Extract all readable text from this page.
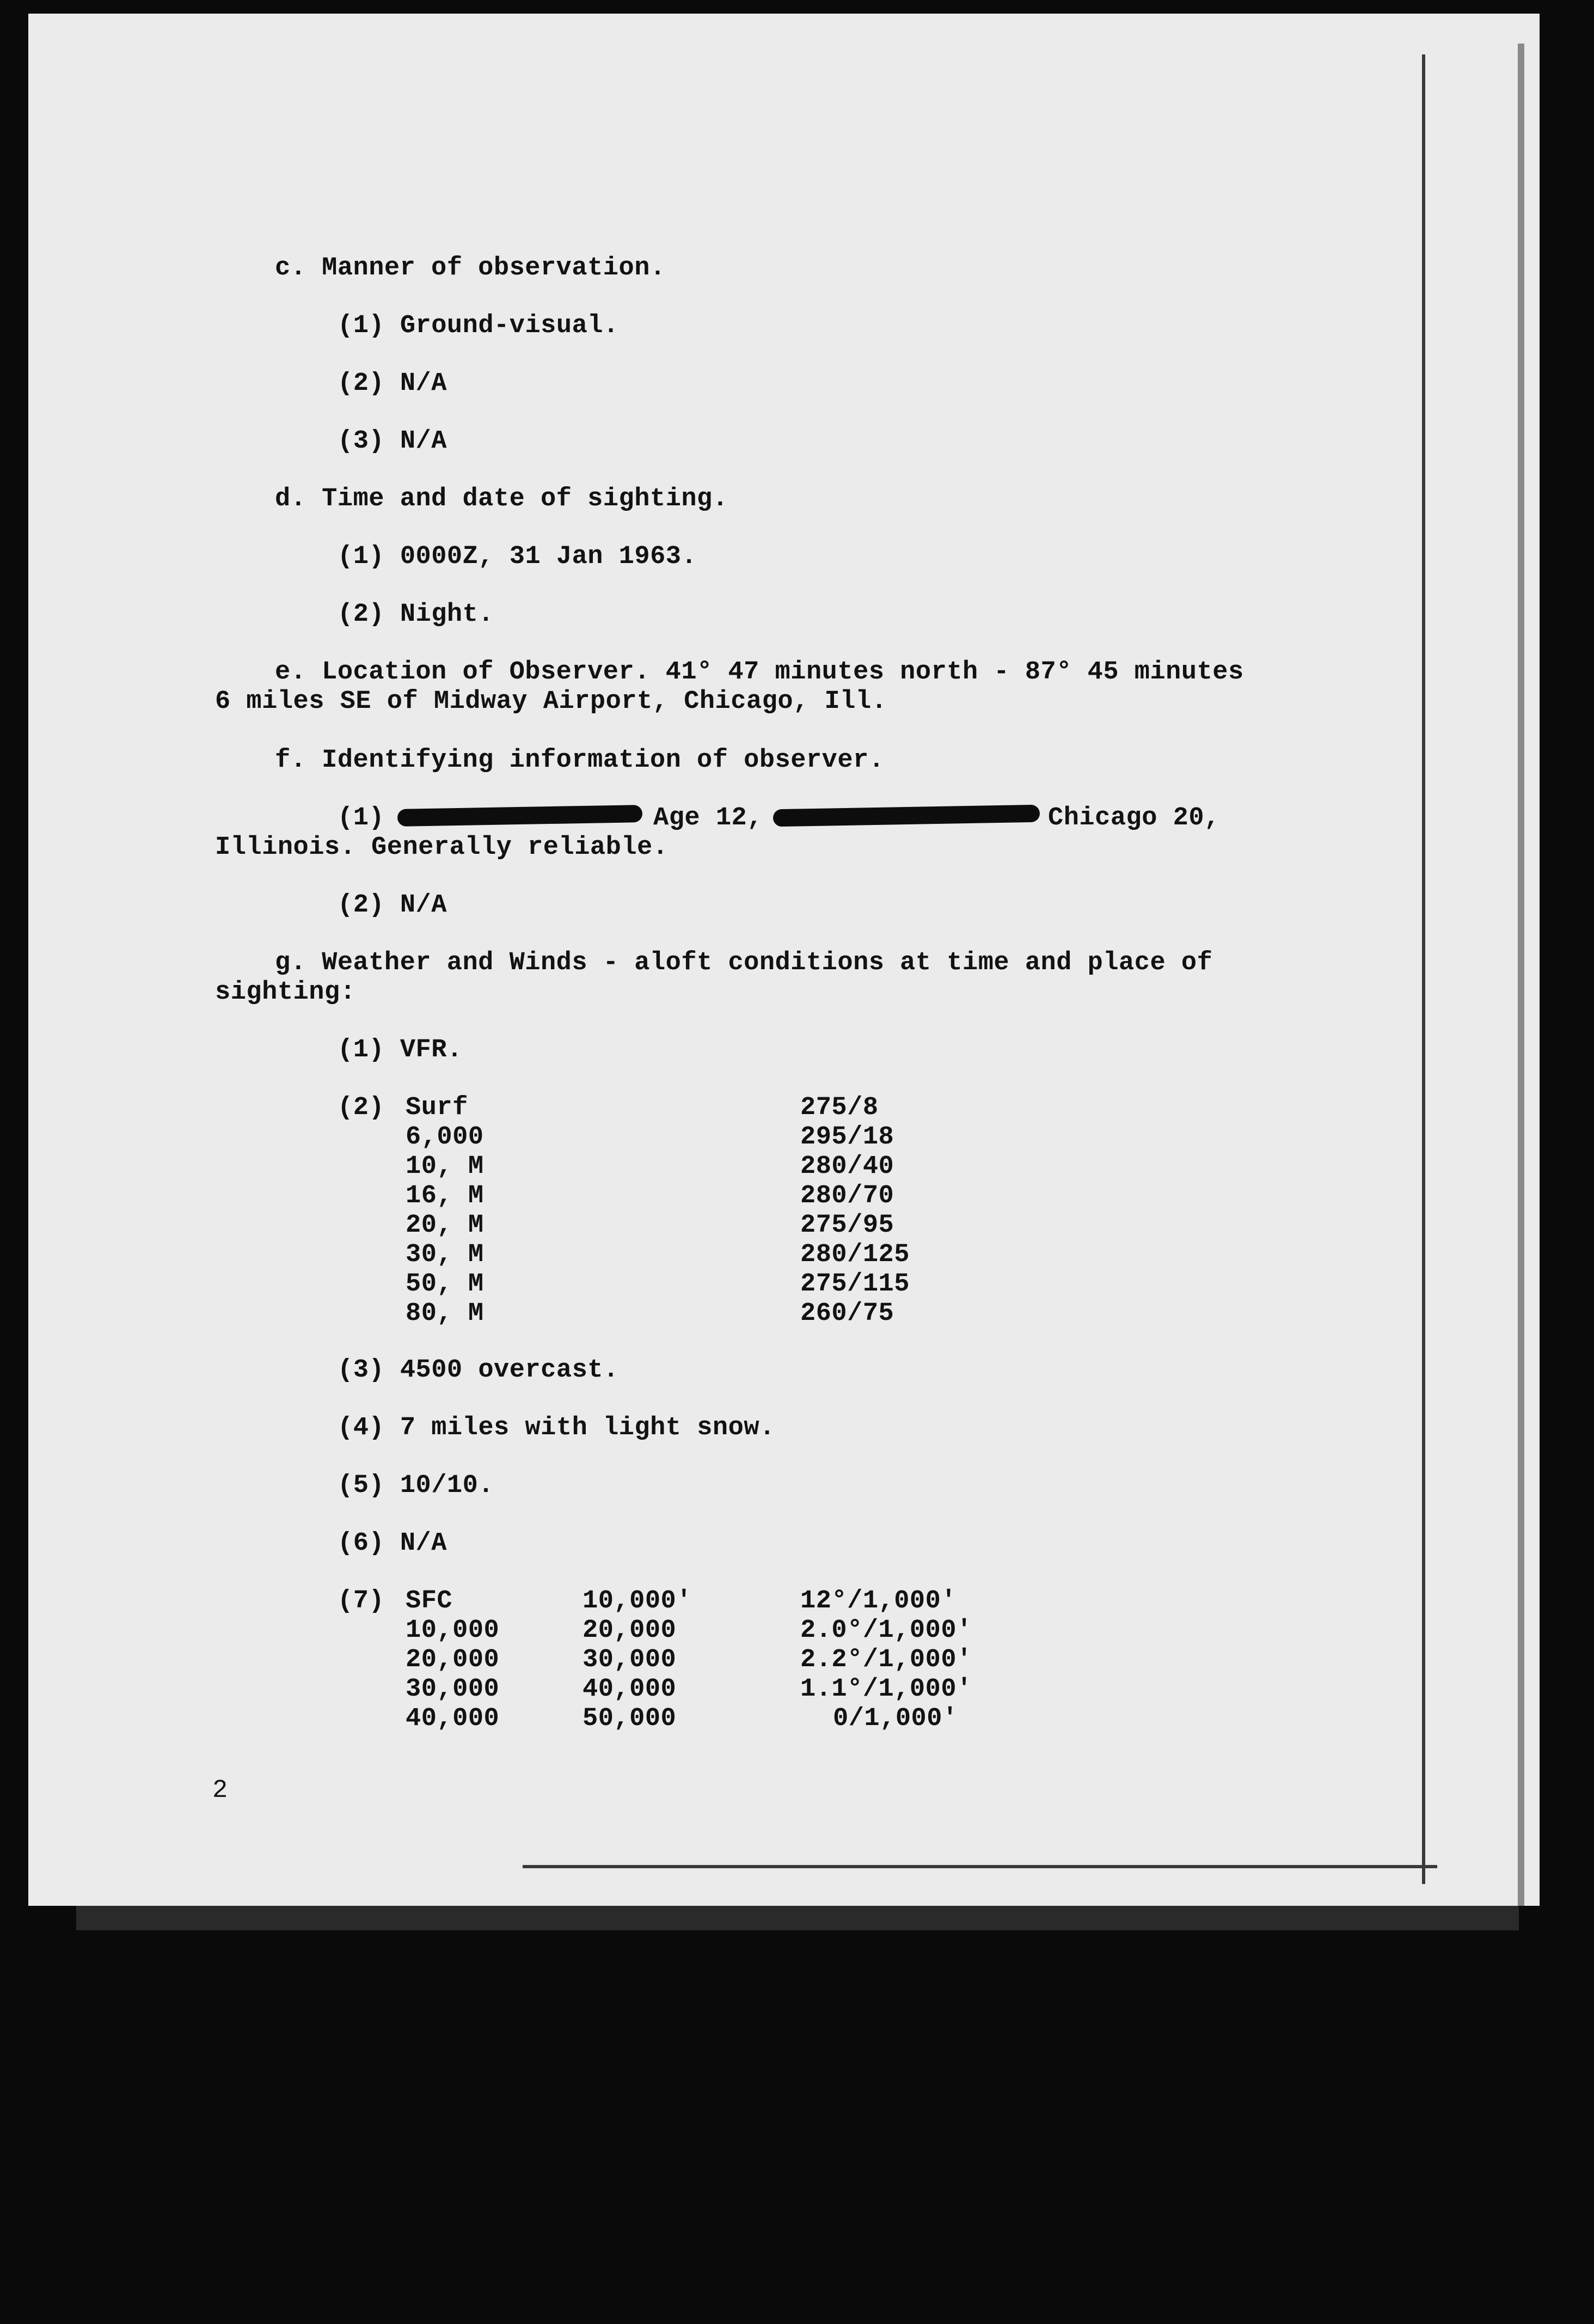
c. Manner of observation.
(1) Ground-visual.
(2) N/A
(3) N/A
d. Time and date of sighting.
(1) 0000Z, 31 Jan 1963.
(2) Night.
e. Location of Observer. 41° 47 minutes north - 87° 45 minutes
6 miles SE of Midway Airport, Chicago, Ill.
f. Identifying information of observer.
(1)	Age 12,	Chicago 20,
Illinois. Generally reliable.
(2) N/A
g. Weather and Winds - aloft conditions at time and place of
sighting:
(1) VFR.
(2) Surf	275/8
6,000	295/18
10, M	280/40
16, M	280/70
20, M	275/95
30, M	280/125
50, M	275/115
80, M	260/75
(3) 4500 overcast.
(4) 7 miles with light snow.
(5) 10/10.
(6) N/A
(7) SFC	10,000'	12°/1,000'
10,000	20,000	2.0°/1,000'
20,000	30,000	2.2°/1,000'
30,000	40,000	1.1°/1,000'
40,000	50,000	0/1,000'
2
